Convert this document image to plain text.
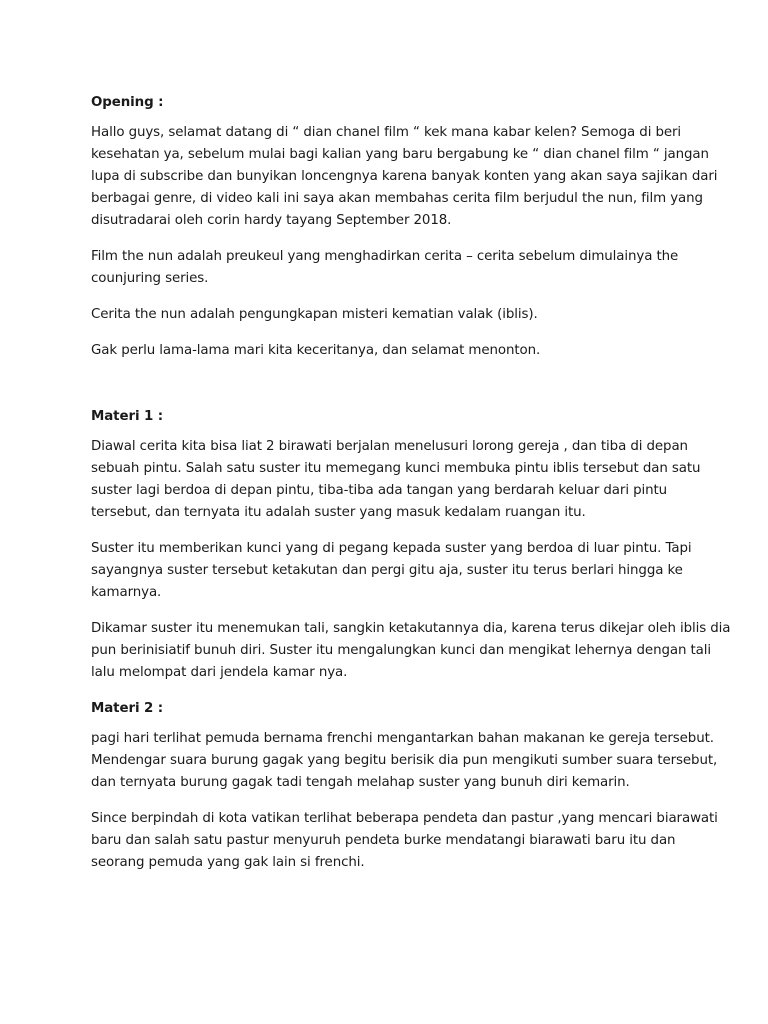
Opening :
Hallo guys, selamat datang di “ dian chanel film “ kek mana kabar kelen? Semoga di beri
kesehatan ya, sebelum mulai bagi kalian yang baru bergabung ke “ dian chanel film “ jangan
lupa di subscribe dan bunyikan loncengnya karena banyak konten yang akan saya sajikan dari
berbagai genre, di video kali ini saya akan membahas cerita film berjudul the nun, film yang
disutradarai oleh corin hardy tayang September 2018.
Film the nun adalah preukeul yang menghadirkan cerita – cerita sebelum dimulainya the
counjuring series.
Cerita the nun adalah pengungkapan misteri kematian valak (iblis).
Gak perlu lama-lama mari kita keceritanya, dan selamat menonton.
Materi 1 :
Diawal cerita kita bisa liat 2 birawati berjalan menelusuri lorong gereja , dan tiba di depan
sebuah pintu. Salah satu suster itu memegang kunci membuka pintu iblis tersebut dan satu
suster lagi berdoa di depan pintu, tiba-tiba ada tangan yang berdarah keluar dari pintu
tersebut, dan ternyata itu adalah suster yang masuk kedalam ruangan itu.
Suster itu memberikan kunci yang di pegang kepada suster yang berdoa di luar pintu. Tapi
sayangnya suster tersebut ketakutan dan pergi gitu aja, suster itu terus berlari hingga ke
kamarnya.
Dikamar suster itu menemukan tali, sangkin ketakutannya dia, karena terus dikejar oleh iblis dia
pun berinisiatif bunuh diri. Suster itu mengalungkan kunci dan mengikat lehernya dengan tali
lalu melompat dari jendela kamar nya.
Materi 2 :
pagi hari terlihat pemuda bernama frenchi mengantarkan bahan makanan ke gereja tersebut.
Mendengar suara burung gagak yang begitu berisik dia pun mengikuti sumber suara tersebut,
dan ternyata burung gagak tadi tengah melahap suster yang bunuh diri kemarin.
Since berpindah di kota vatikan terlihat beberapa pendeta dan pastur ,yang mencari biarawati
baru dan salah satu pastur menyuruh pendeta burke mendatangi biarawati baru itu dan
seorang pemuda yang gak lain si frenchi.
